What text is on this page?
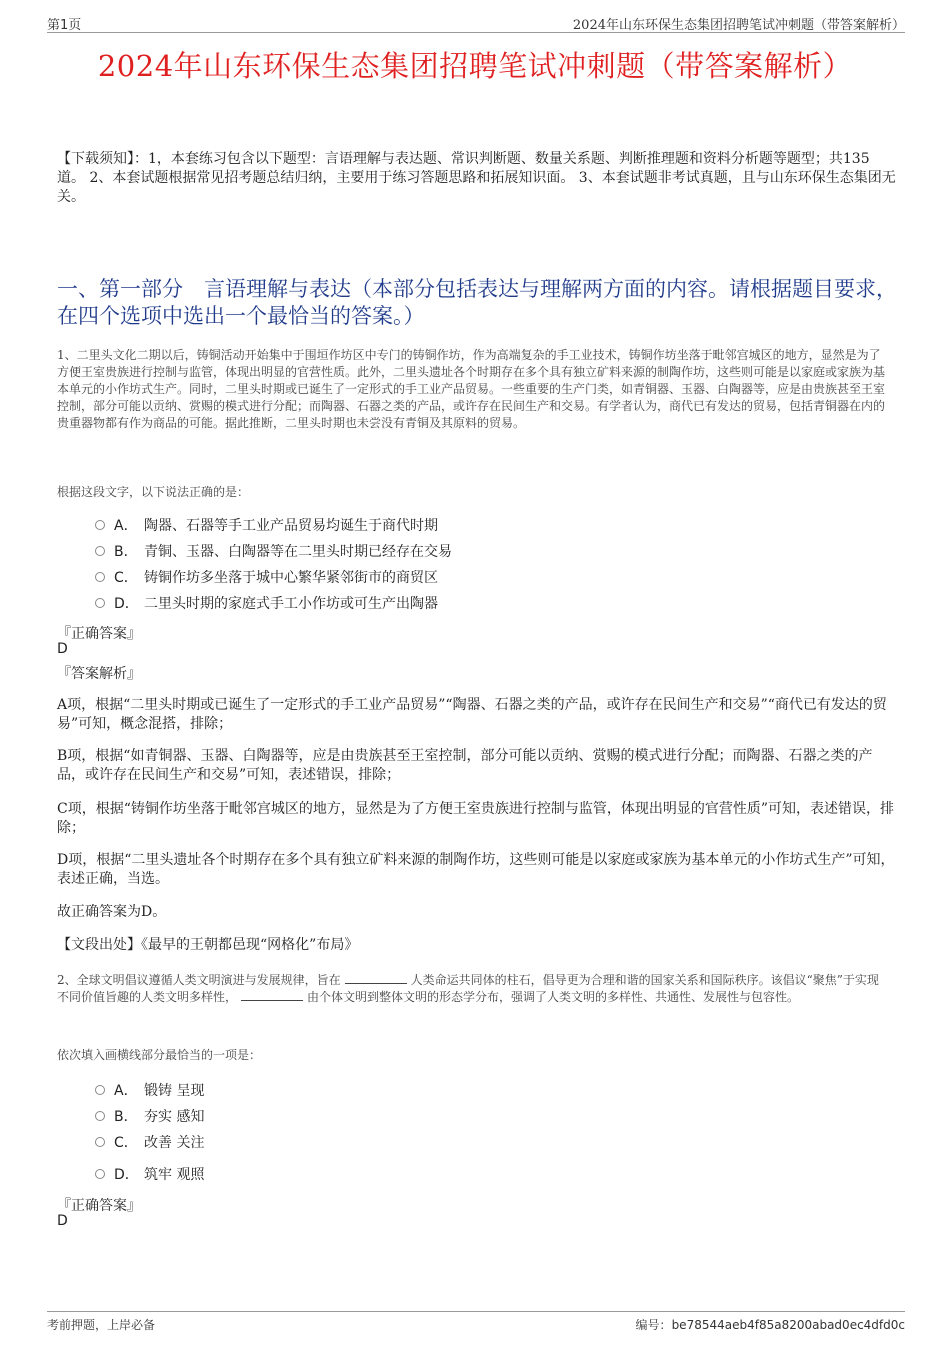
第1页	2024年山东环保生态集团招聘笔试冲刺题（带答案解析）
2024年山东环保生态集团招聘笔试冲刺题（带答案解析）
【下载须知】：1，本套练习包含以下题型：言语理解与表达题、常识判断题、数量关系题、判断推理题和资料分析题等题型；共135道。 2、本套试题根据常见招考题总结归纳，主要用于练习答题思路和拓展知识面。 3、本套试题非考试真题，且与山东环保生态集团无关。
一、第一部分　言语理解与表达（本部分包括表达与理解两方面的内容。请根据题目要求，在四个选项中选出一个最恰当的答案。）
1、二里头文化二期以后，铸铜活动开始集中于围垣作坊区中专门的铸铜作坊，作为高端复杂的手工业技术，铸铜作坊坐落于毗邻宫城区的地方，显然是为了方便王室贵族进行控制与监管，体现出明显的官营性质。此外，二里头遗址各个时期存在多个具有独立矿料来源的制陶作坊，这些则可能是以家庭或家族为基本单元的小作坊式生产。同时，二里头时期或已诞生了一定形式的手工业产品贸易。一些重要的生产门类，如青铜器、玉器、白陶器等，应是由贵族甚至王室控制，部分可能以贡纳、赏赐的模式进行分配；而陶器、石器之类的产品，或许存在民间生产和交易。有学者认为，商代已有发达的贸易，包括青铜器在内的贵重器物都有作为商品的可能。据此推断，二里头时期也未尝没有青铜及其原料的贸易。
根据这段文字，以下说法正确的是：
A． 陶器、石器等手工业产品贸易均诞生于商代时期
B． 青铜、玉器、白陶器等在二里头时期已经存在交易
C． 铸铜作坊多坐落于城中心繁华紧邻街市的商贸区
D． 二里头时期的家庭式手工小作坊或可生产出陶器
『正确答案』
D
『答案解析』
A项，根据“二里头时期或已诞生了一定形式的手工业产品贸易”“陶器、石器之类的产品，或许存在民间生产和交易”“商代已有发达的贸易”可知，概念混搭，排除；
B项，根据“如青铜器、玉器、白陶器等，应是由贵族甚至王室控制，部分可能以贡纳、赏赐的模式进行分配；而陶器、石器之类的产品，或许存在民间生产和交易”可知，表述错误，排除；
C项，根据“铸铜作坊坐落于毗邻宫城区的地方，显然是为了方便王室贵族进行控制与监管，体现出明显的官营性质”可知，表述错误，排除；
D项，根据“二里头遗址各个时期存在多个具有独立矿料来源的制陶作坊，这些则可能是以家庭或家族为基本单元的小作坊式生产”可知，表述正确，当选。
故正确答案为D。
【文段出处】《最早的王朝都邑现“网格化”布局》
2、全球文明倡议遵循人类文明演进与发展规律，旨在	人类命运共同体的柱石，倡导更为合理和谐的国家关系和国际秩序。该倡议“聚焦”于实现不同价值旨趣的人类文明多样性，	由个体文明到整体文明的形态学分布，强调了人类文明的多样性、共通性、发展性与包容性。
依次填入画横线部分最恰当的一项是：
A． 锻铸 呈现
B． 夯实 感知
C． 改善 关注
D． 筑牢 观照
『正确答案』
D
考前押题，上岸必备	编号：be78544aeb4f85a8200abad0ec4dfd0c
